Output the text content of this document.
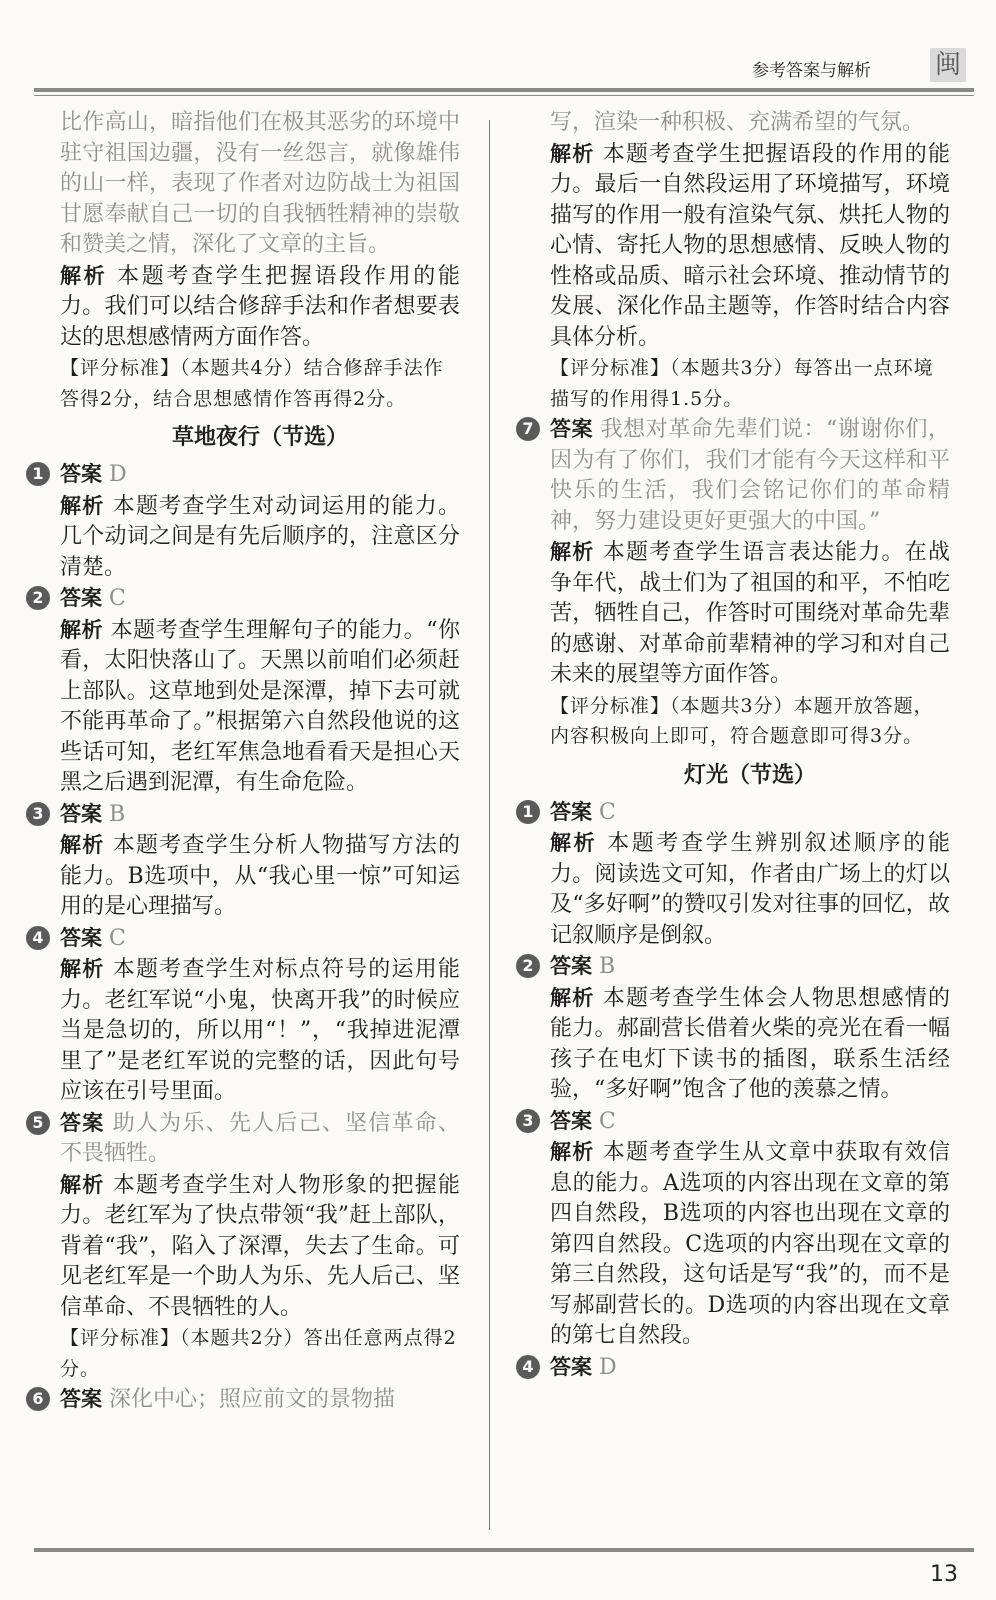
参考答案与解析 闽

比作高山，暗指他们在极其恶劣的环境中驻守祖国边疆，没有一丝怨言，就像雄伟的山一样，表现了作者对边防战士为祖国甘愿奉献自己一切的自我牺牲精神的崇敬和赞美之情，深化了文章的主旨。

解析 本题考查学生把握语段作用的能力。我们可以结合修辞手法和作者想要表达的思想感情两方面作答。

【评分标准】（本题共4分）结合修辞手法作答得2分，结合思想感情作答再得2分。

草地夜行（节选）
1 答案 D

解析 本题考查学生对动词运用的能力。几个动词之间是有先后顺序的，注意区分清楚。

2 答案 C

解析 本题考查学生理解句子的能力。“你看，太阳快落山了。天黑以前咱们必须赶上部队。这草地到处是深潭，掉下去可就不能再革命了。”根据第六自然段他说的这些话可知，老红军焦急地看看天是担心天黑之后遇到泥潭，有生命危险。

3 答案 B

解析 本题考查学生分析人物描写方法的能力。B选项中，从“我心里一惊”可知运用的是心理描写。

4 答案 C

解析 本题考查学生对标点符号的运用能力。老红军说“小鬼，快离开我”的时候应当是急切的，所以用“！”，“我掉进泥潭里了”是老红军说的完整的话，因此句号应该在引号里面。

5 答案 助人为乐、先人后己、坚信革命、不畏牺牲。

解析 本题考查学生对人物形象的把握能力。老红军为了快点带领“我”赶上部队，背着“我”，陷入了深潭，失去了生命。可见老红军是一个助人为乐、先人后己、坚信革命、不畏牺牲的人。

【评分标准】（本题共2分）答出任意两点得2分。

6 答案 深化中心；照应前文的景物描

写，渲染一种积极、充满希望的气氛。

解析 本题考查学生把握语段的作用的能力。最后一自然段运用了环境描写，环境描写的作用一般有渲染气氛、烘托人物的心情、寄托人物的思想感情、反映人物的性格或品质、暗示社会环境、推动情节的发展、深化作品主题等，作答时结合内容具体分析。

【评分标准】（本题共3分）每答出一点环境描写的作用得1.5分。

7 答案 我想对革命先辈们说：“谢谢你们，因为有了你们，我们才能有今天这样和平快乐的生活，我们会铭记你们的革命精神，努力建设更好更强大的中国。”

解析 本题考查学生语言表达能力。在战争年代，战士们为了祖国的和平，不怕吃苦，牺牲自己，作答时可围绕对革命先辈的感谢、对革命前辈精神的学习和对自己未来的展望等方面作答。

【评分标准】（本题共3分）本题开放答题，内容积极向上即可，符合题意即可得3分。

灯光（节选）
1 答案 C

解析 本题考查学生辨别叙述顺序的能力。阅读选文可知，作者由广场上的灯以及“多好啊”的赞叹引发对往事的回忆，故记叙顺序是倒叙。

2 答案 B

解析 本题考查学生体会人物思想感情的能力。郝副营长借着火柴的亮光在看一幅孩子在电灯下读书的插图，联系生活经验，“多好啊”饱含了他的羡慕之情。

3 答案 C

解析 本题考查学生从文章中获取有效信息的能力。A选项的内容出现在文章的第四自然段，B选项的内容也出现在文章的第四自然段。C选项的内容出现在文章的第三自然段，这句话是写“我”的，而不是写郝副营长的。D选项的内容出现在文章的第七自然段。

4 答案 D

13
